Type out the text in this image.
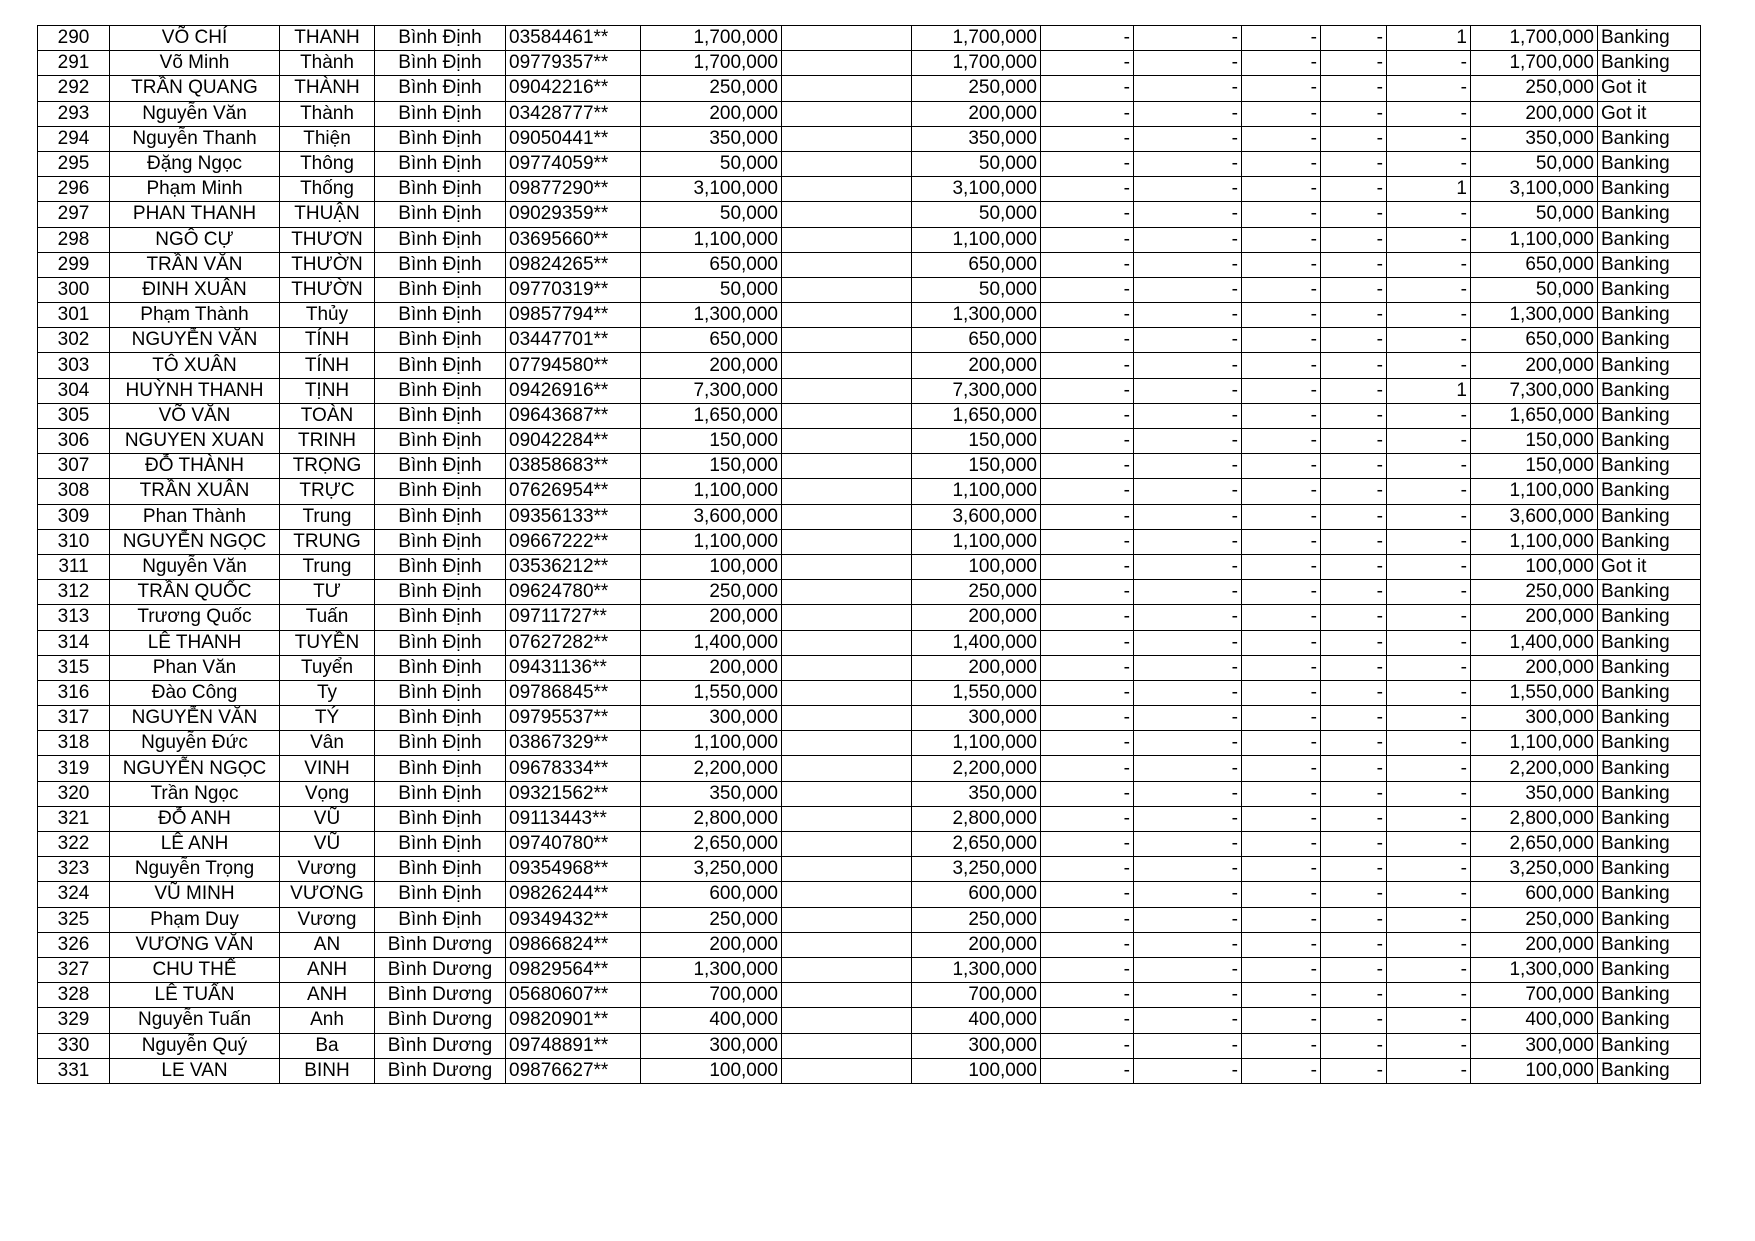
290	VÕ CHÍ	THANH	Bình Định	03584461**	1,700,000		1,700,000	-	-	-	-	1	1,700,000	Banking
291	Võ Minh	Thành	Bình Định	09779357**	1,700,000		1,700,000	-	-	-	-	-	1,700,000	Banking
292	TRẦN QUANG	THÀNH	Bình Định	09042216**	250,000		250,000	-	-	-	-	-	250,000	Got it
293	Nguyễn Văn	Thành	Bình Định	03428777**	200,000		200,000	-	-	-	-	-	200,000	Got it
294	Nguyễn Thanh	Thiện	Bình Định	09050441**	350,000		350,000	-	-	-	-	-	350,000	Banking
295	Đặng Ngọc	Thông	Bình Định	09774059**	50,000		50,000	-	-	-	-	-	50,000	Banking
296	Phạm Minh	Thống	Bình Định	09877290**	3,100,000		3,100,000	-	-	-	-	1	3,100,000	Banking
297	PHAN THANH	THUẬN	Bình Định	09029359**	50,000		50,000	-	-	-	-	-	50,000	Banking
298	NGÔ CỰ	THƯƠN	Bình Định	03695660**	1,100,000		1,100,000	-	-	-	-	-	1,100,000	Banking
299	TRẦN VĂN	THƯỜN	Bình Định	09824265**	650,000		650,000	-	-	-	-	-	650,000	Banking
300	ĐINH XUÂN	THƯỜN	Bình Định	09770319**	50,000		50,000	-	-	-	-	-	50,000	Banking
301	Phạm Thành	Thủy	Bình Định	09857794**	1,300,000		1,300,000	-	-	-	-	-	1,300,000	Banking
302	NGUYỄN VĂN	TÍNH	Bình Định	03447701**	650,000		650,000	-	-	-	-	-	650,000	Banking
303	TÔ XUÂN	TÍNH	Bình Định	07794580**	200,000		200,000	-	-	-	-	-	200,000	Banking
304	HUỲNH THANH	TỊNH	Bình Định	09426916**	7,300,000		7,300,000	-	-	-	-	1	7,300,000	Banking
305	VÕ VĂN	TOÀN	Bình Định	09643687**	1,650,000		1,650,000	-	-	-	-	-	1,650,000	Banking
306	NGUYEN XUAN	TRINH	Bình Định	09042284**	150,000		150,000	-	-	-	-	-	150,000	Banking
307	ĐỖ THÀNH	TRỌNG	Bình Định	03858683**	150,000		150,000	-	-	-	-	-	150,000	Banking
308	TRẦN XUÂN	TRỰC	Bình Định	07626954**	1,100,000		1,100,000	-	-	-	-	-	1,100,000	Banking
309	Phan Thành	Trung	Bình Định	09356133**	3,600,000		3,600,000	-	-	-	-	-	3,600,000	Banking
310	NGUYỄN NGỌC	TRUNG	Bình Định	09667222**	1,100,000		1,100,000	-	-	-	-	-	1,100,000	Banking
311	Nguyễn Văn	Trung	Bình Định	03536212**	100,000		100,000	-	-	-	-	-	100,000	Got it
312	TRẦN QUỐC	TƯ	Bình Định	09624780**	250,000		250,000	-	-	-	-	-	250,000	Banking
313	Trương Quốc	Tuấn	Bình Định	09711727**	200,000		200,000	-	-	-	-	-	200,000	Banking
314	LÊ THANH	TUYỀN	Bình Định	07627282**	1,400,000		1,400,000	-	-	-	-	-	1,400,000	Banking
315	Phan Văn	Tuyển	Bình Định	09431136**	200,000		200,000	-	-	-	-	-	200,000	Banking
316	Đào Công	Ty	Bình Định	09786845**	1,550,000		1,550,000	-	-	-	-	-	1,550,000	Banking
317	NGUYỄN VĂN	TÝ	Bình Định	09795537**	300,000		300,000	-	-	-	-	-	300,000	Banking
318	Nguyễn Đức	Vân	Bình Định	03867329**	1,100,000		1,100,000	-	-	-	-	-	1,100,000	Banking
319	NGUYỄN NGỌC	VINH	Bình Định	09678334**	2,200,000		2,200,000	-	-	-	-	-	2,200,000	Banking
320	Trần Ngọc	Vọng	Bình Định	09321562**	350,000		350,000	-	-	-	-	-	350,000	Banking
321	ĐỖ ANH	VŨ	Bình Định	09113443**	2,800,000		2,800,000	-	-	-	-	-	2,800,000	Banking
322	LÊ ANH	VŨ	Bình Định	09740780**	2,650,000		2,650,000	-	-	-	-	-	2,650,000	Banking
323	Nguyễn Trọng	Vương	Bình Định	09354968**	3,250,000		3,250,000	-	-	-	-	-	3,250,000	Banking
324	VŨ MINH	VƯƠNG	Bình Định	09826244**	600,000		600,000	-	-	-	-	-	600,000	Banking
325	Phạm Duy	Vương	Bình Định	09349432**	250,000		250,000	-	-	-	-	-	250,000	Banking
326	VƯƠNG VĂN	AN	Bình Dương	09866824**	200,000		200,000	-	-	-	-	-	200,000	Banking
327	CHU THẾ	ANH	Bình Dương	09829564**	1,300,000		1,300,000	-	-	-	-	-	1,300,000	Banking
328	LÊ TUẤN	ANH	Bình Dương	05680607**	700,000		700,000	-	-	-	-	-	700,000	Banking
329	Nguyễn Tuấn	Anh	Bình Dương	09820901**	400,000		400,000	-	-	-	-	-	400,000	Banking
330	Nguyễn Quý	Ba	Bình Dương	09748891**	300,000		300,000	-	-	-	-	-	300,000	Banking
331	LE VAN	BINH	Bình Dương	09876627**	100,000		100,000	-	-	-	-	-	100,000	Banking
